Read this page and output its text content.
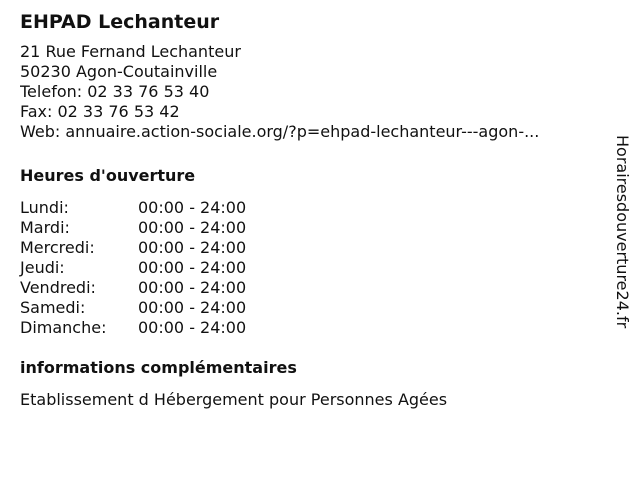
EHPAD Lechanteur
21 Rue Fernand Lechanteur
50230 Agon-Coutainville
Telefon: 02 33 76 53 40
Fax: 02 33 76 53 42
Web: annuaire.action-sociale.org/?p=ehpad-lechanteur---agon-...
Heures d'ouverture
Lundi:	00:00 - 24:00
Mardi:	00:00 - 24:00
Mercredi:	00:00 - 24:00
Jeudi:	00:00 - 24:00
Vendredi:	00:00 - 24:00
Samedi:	00:00 - 24:00
Dimanche:	00:00 - 24:00
informations complémentaires
Etablissement d Hébergement pour Personnes Agées
Horairesdouverture24.fr
